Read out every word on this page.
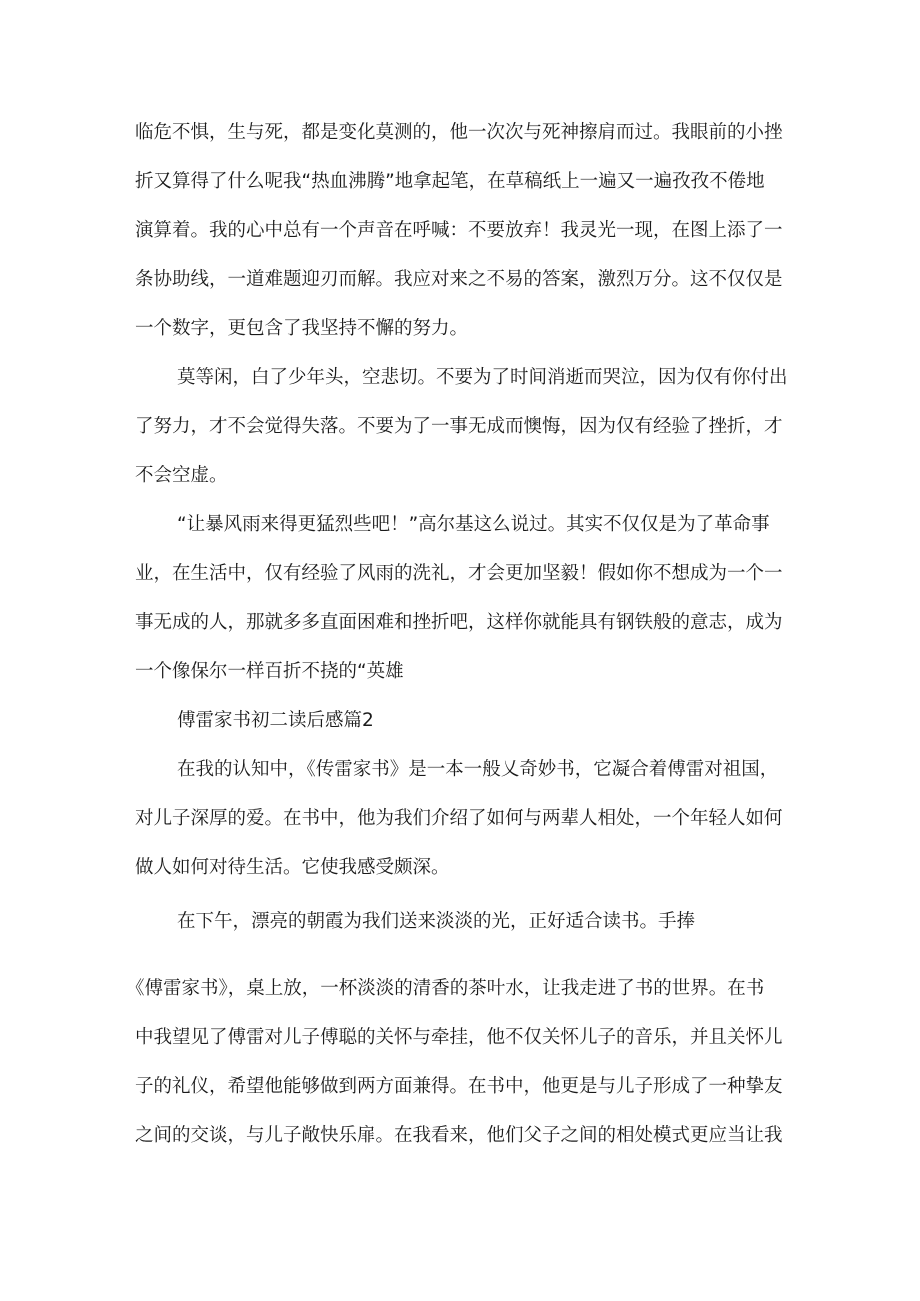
临危不惧，生与死，都是变化莫测的，他一次次与死神擦肩而过。我眼前的小挫

折又算得了什么呢我“热血沸腾”地拿起笔，在草稿纸上一遍又一遍孜孜不倦地

演算着。我的心中总有一个声音在呼喊：不要放弃！我灵光一现，在图上添了一

条协助线，一道难题迎刃而解。我应对来之不易的答案，激烈万分。这不仅仅是

一个数字，更包含了我坚持不懈的努力。

莫等闲，白了少年头，空悲切。不要为了时间消逝而哭泣，因为仅有你付出

了努力，才不会觉得失落。不要为了一事无成而懊悔，因为仅有经验了挫折，才

不会空虚。

“让暴风雨来得更猛烈些吧！”高尔基这么说过。其实不仅仅是为了革命事

业，在生活中，仅有经验了风雨的洗礼，才会更加坚毅！假如你不想成为一个一

事无成的人，那就多多直面困难和挫折吧，这样你就能具有钢铁般的意志，成为

一个像保尔一样百折不挠的“英雄

傅雷家书初二读后感篇2

在我的认知中，《传雷家书》是一本一般乂奇妙书，它凝合着傅雷对祖国，

对儿子深厚的爱。在书中，他为我们介绍了如何与两辈人相处，一个年轻人如何

做人如何对待生活。它使我感受颇深。

在下午，漂亮的朝霞为我们送来淡淡的光，正好适合读书。手捧

《傅雷家书》，桌上放，一杯淡淡的清香的茶叶水，让我走进了书的世界。在书

中我望见了傅雷对儿子傅聪的关怀与牵挂，他不仅关怀儿子的音乐，并且关怀儿

子的礼仪，希望他能够做到两方面兼得。在书中，他更是与儿子形成了一种挚友

之间的交谈，与儿子敞快乐扉。在我看来，他们父子之间的相处模式更应当让我
